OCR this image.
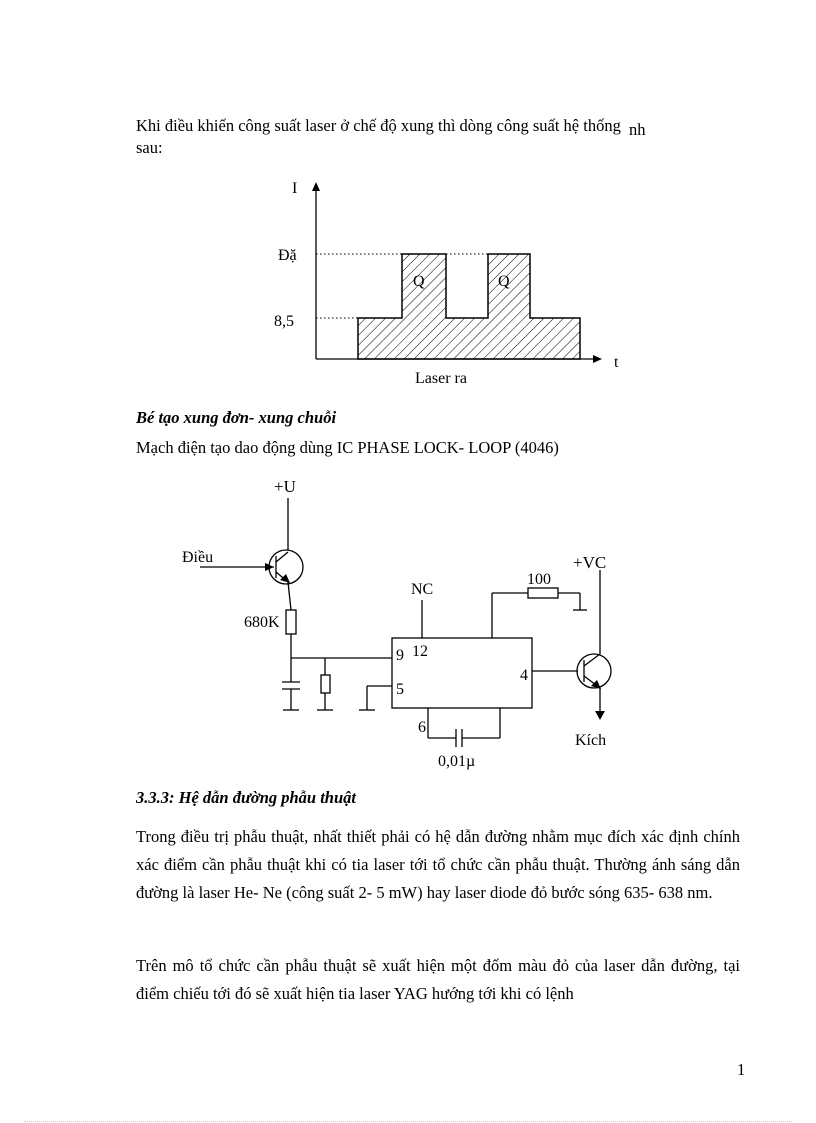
Khi điều khiển công suất laser ở chế độ xung thì dòng công suất hệ thống nh
sau:
I
t
Đặ
8,5
Q	Q
Laser ra
Bé tạo xung đơn- xung chuỗi
Mạch điện tạo dao động dùng IC PHASE LOCK- LOOP (4046)
+U
Điều
680K
NC
9 12
5
6
4
100
+VC
Kích
0,01µ
3.3.3: Hệ dẫn đường phẫu thuật
Trong điều trị phẫu thuật, nhất thiết phải có hệ dẫn đường nhằm mục đích xác định chính xác điểm cần phẫu thuật khi có tia laser tới tổ chức cần phẫu thuật. Thường ánh sáng dẫn đường là laser He- Ne (công suất 2- 5 mW) hay laser diode đỏ bước sóng 635- 638 nm.
Trên mô tổ chức cần phẫu thuật sẽ xuất hiện một đốm màu đỏ của laser dẫn đường, tại điểm chiếu tới đó sẽ xuất hiện tia laser YAG hướng tới khi có lệnh
1
